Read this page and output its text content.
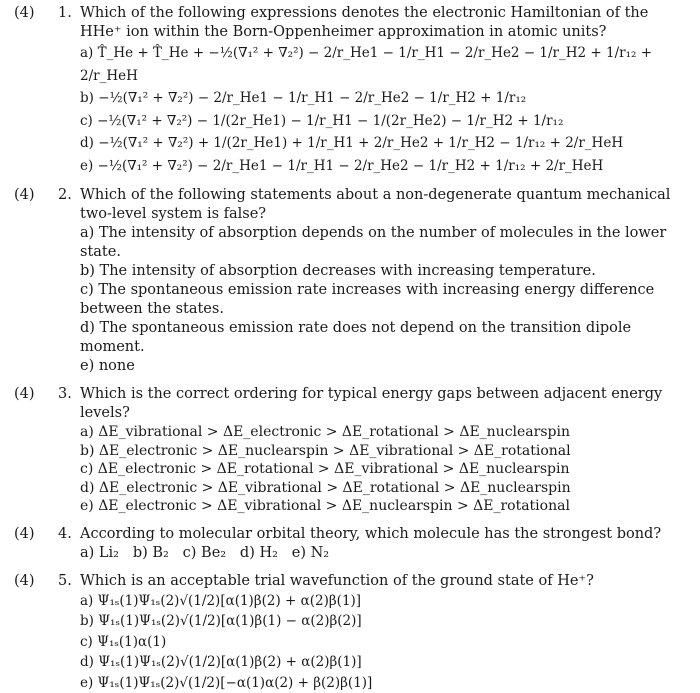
(4)	1. Which of the following expressions denotes the electronic Hamiltonian of the HHe⁺ ion within the Born-Oppenheimer approximation in atomic units?
a) T̂_He + T̂_He + −½(∇₁² + ∇₂²) − 2/r_He1 − 1/r_H1 − 2/r_He2 − 1/r_H2 + 1/r₁₂ + 2/r_HeH
b) −½(∇₁² + ∇₂²) − 2/r_He1 − 1/r_H1 − 2/r_He2 − 1/r_H2 + 1/r₁₂
c) −½(∇₁² + ∇₂²) − 1/(2r_He1) − 1/r_H1 − 1/(2r_He2) − 1/r_H2 + 1/r₁₂
d) −½(∇₁² + ∇₂²) + 1/(2r_He1) + 1/r_H1 + 2/r_He2 + 1/r_H2 − 1/r₁₂ + 2/r_HeH
e) −½(∇₁² + ∇₂²) − 2/r_He1 − 1/r_H1 − 2/r_He2 − 1/r_H2 + 1/r₁₂ + 2/r_HeH
(4)	2. Which of the following statements about a non-degenerate quantum mechanical two-level system is false?
a) The intensity of absorption depends on the number of molecules in the lower state.
b) The intensity of absorption decreases with increasing temperature.
c) The spontaneous emission rate increases with increasing energy difference between the states.
d) The spontaneous emission rate does not depend on the transition dipole moment.
e) none
(4)	3. Which is the correct ordering for typical energy gaps between adjacent energy levels?
a) ΔE_vibrational > ΔE_electronic > ΔE_rotational > ΔE_nuclearspin
b) ΔE_electronic > ΔE_nuclearspin > ΔE_vibrational > ΔE_rotational
c) ΔE_electronic > ΔE_rotational > ΔE_vibrational > ΔE_nuclearspin
d) ΔE_electronic > ΔE_vibrational > ΔE_rotational > ΔE_nuclearspin
e) ΔE_electronic > ΔE_vibrational > ΔE_nuclearspin > ΔE_rotational
(4)	4. According to molecular orbital theory, which molecule has the strongest bond?
a) Li₂   b) B₂   c) Be₂   d) H₂   e) N₂
(4)	5. Which is an acceptable trial wavefunction of the ground state of He⁺?
a) Ψ₁ₛ(1)Ψ₁ₛ(2)√(1/2)[α(1)β(2) + α(2)β(1)]
b) Ψ₁ₛ(1)Ψ₁ₛ(2)√(1/2)[α(1)β(1) − α(2)β(2)]
c) Ψ₁ₛ(1)α(1)
d) Ψ₁ₛ(1)Ψ₁ₛ(2)√(1/2)[α(1)β(2) + α(2)β(1)]
e) Ψ₁ₛ(1)Ψ₁ₛ(2)√(1/2)[−α(1)α(2) + β(2)β(1)]
